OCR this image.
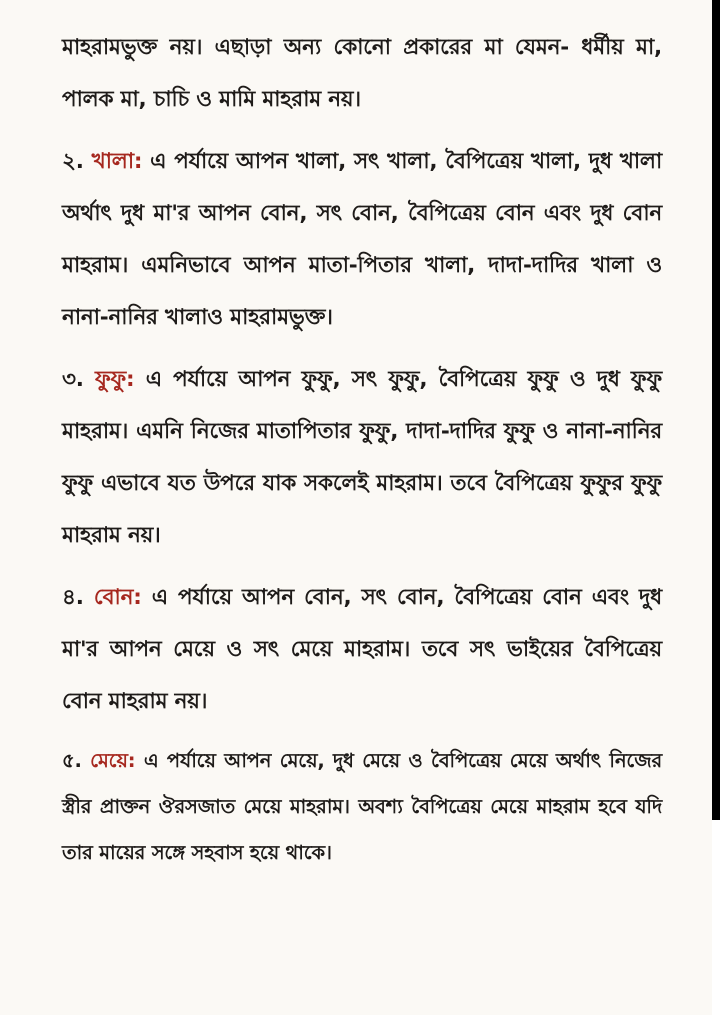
মাহরামভুক্ত নয়। এছাড়া অন্য কোনো প্রকারের মা যেমন- ধর্মীয় মা, পালক মা, চাচি ও মামি মাহরাম নয়।

২. খালা: এ পর্যায়ে আপন খালা, সৎ খালা, বৈপিত্রেয় খালা, দুধ খালা অর্থাৎ দুধ মা'র আপন বোন, সৎ বোন, বৈপিত্রেয় বোন এবং দুধ বোন মাহরাম। এমনিভাবে আপন মাতা-পিতার খালা, দাদা-দাদির খালা ও নানা-নানির খালাও মাহরামভুক্ত।

৩. ফুফু: এ পর্যায়ে আপন ফুফু, সৎ ফুফু, বৈপিত্রেয় ফুফু ও দুধ ফুফু মাহরাম। এমনি নিজের মাতাপিতার ফুফু, দাদা-দাদির ফুফু ও নানা-নানির ফুফু এভাবে যত উপরে যাক সকলেই মাহরাম। তবে বৈপিত্রেয় ফুফুর ফুফু মাহরাম নয়।

৪. বোন: এ পর্যায়ে আপন বোন, সৎ বোন, বৈপিত্রেয় বোন এবং দুধ মা'র আপন মেয়ে ও সৎ মেয়ে মাহরাম। তবে সৎ ভাইয়ের বৈপিত্রেয় বোন মাহরাম নয়।

৫. মেয়ে: এ পর্যায়ে আপন মেয়ে, দুধ মেয়ে ও বৈপিত্রেয় মেয়ে অর্থাৎ নিজের স্ত্রীর প্রাক্তন ঔরসজাত মেয়ে মাহরাম। অবশ্য বৈপিত্রেয় মেয়ে মাহরাম হবে যদি তার মায়ের সঙ্গে সহবাস হয়ে থাকে।
